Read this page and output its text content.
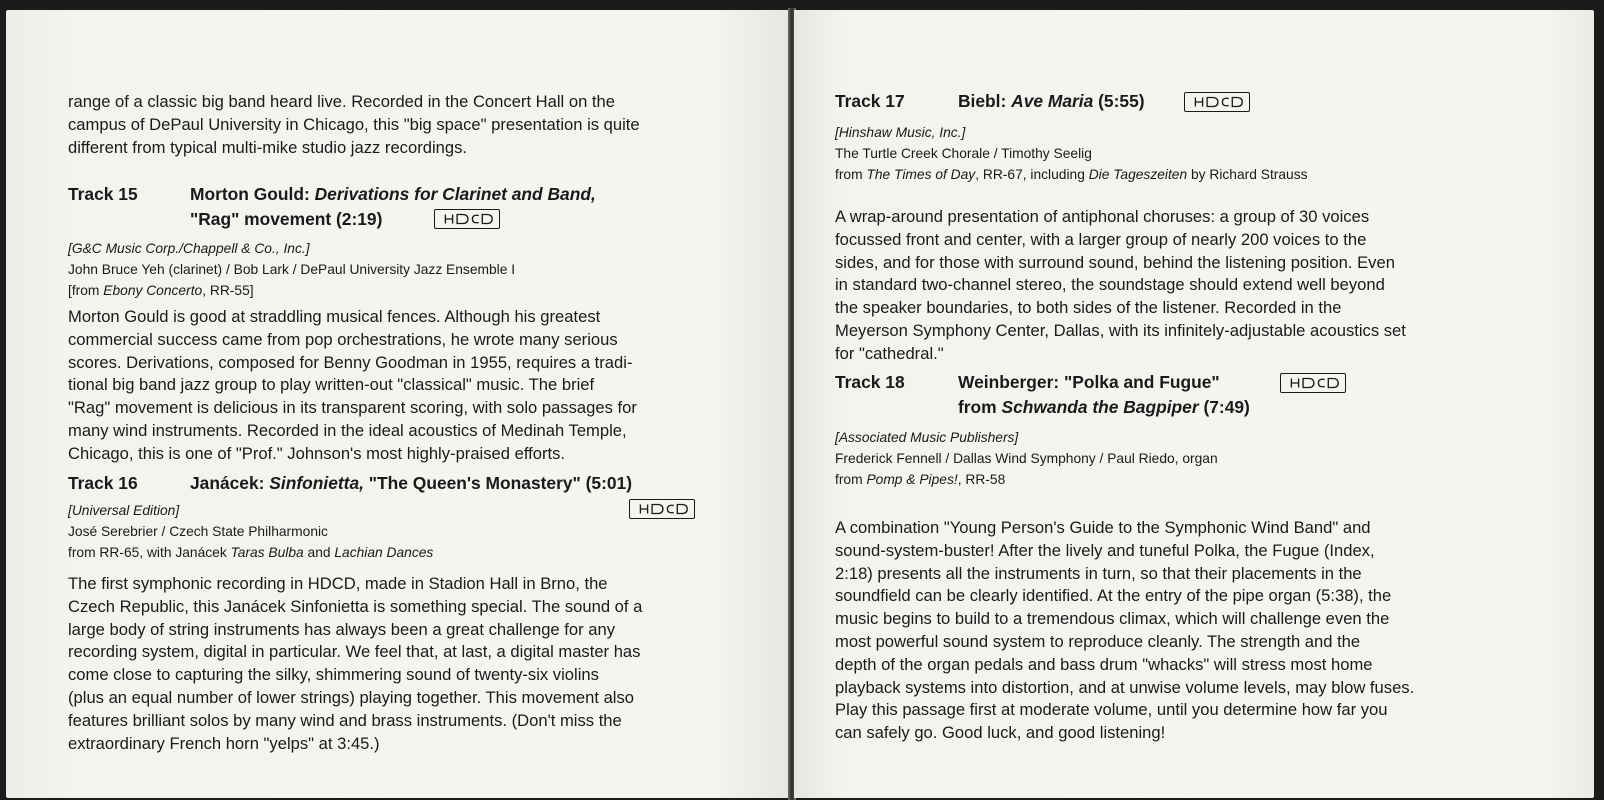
range of a classic big band heard live. Recorded in the Concert Hall on the
campus of DePaul University in Chicago, this "big space" presentation is quite
different from typical multi-mike studio jazz recordings.

Track 15	Morton Gould: Derivations for Clarinet and Band,
"Rag" movement (2:19)
[G&C Music Corp./Chappell & Co., Inc.]
John Bruce Yeh (clarinet) / Bob Lark / DePaul University Jazz Ensemble I
[from Ebony Concerto, RR-55]

Morton Gould is good at straddling musical fences. Although his greatest
commercial success came from pop orchestrations, he wrote many serious
scores. Derivations, composed for Benny Goodman in 1955, requires a tradi-
tional big band jazz group to play written-out "classical" music. The brief
"Rag" movement is delicious in its transparent scoring, with solo passages for
many wind instruments. Recorded in the ideal acoustics of Medinah Temple,
Chicago, this is one of "Prof." Johnson's most highly-praised efforts.

Track 16	Janácek: Sinfonietta, "The Queen's Monastery" (5:01)
[Universal Edition]
José Serebrier / Czech State Philharmonic
from RR-65, with Janácek Taras Bulba and Lachian Dances

The first symphonic recording in HDCD, made in Stadion Hall in Brno, the
Czech Republic, this Janácek Sinfonietta is something special. The sound of a
large body of string instruments has always been a great challenge for any
recording system, digital in particular. We feel that, at last, a digital master has
come close to capturing the silky, shimmering sound of twenty-six violins
(plus an equal number of lower strings) playing together. This movement also
features brilliant solos by many wind and brass instruments. (Don't miss the
extraordinary French horn "yelps" at 3:45.)

Track 17	Biebl: Ave Maria (5:55)
[Hinshaw Music, Inc.]
The Turtle Creek Chorale / Timothy Seelig
from The Times of Day, RR-67, including Die Tageszeiten by Richard Strauss

A wrap-around presentation of antiphonal choruses: a group of 30 voices
focussed front and center, with a larger group of nearly 200 voices to the
sides, and for those with surround sound, behind the listening position. Even
in standard two-channel stereo, the soundstage should extend well beyond
the speaker boundaries, to both sides of the listener. Recorded in the
Meyerson Symphony Center, Dallas, with its infinitely-adjustable acoustics set
for "cathedral."

Track 18	Weinberger: "Polka and Fugue"
from Schwanda the Bagpiper (7:49)
[Associated Music Publishers]
Frederick Fennell / Dallas Wind Symphony / Paul Riedo, organ
from Pomp & Pipes!, RR-58

A combination "Young Person's Guide to the Symphonic Wind Band" and
sound-system-buster! After the lively and tuneful Polka, the Fugue (Index,
2:18) presents all the instruments in turn, so that their placements in the
soundfield can be clearly identified. At the entry of the pipe organ (5:38), the
music begins to build to a tremendous climax, which will challenge even the
most powerful sound system to reproduce cleanly. The strength and the
depth of the organ pedals and bass drum "whacks" will stress most home
playback systems into distortion, and at unwise volume levels, may blow fuses.
Play this passage first at moderate volume, until you determine how far you
can safely go. Good luck, and good listening!
